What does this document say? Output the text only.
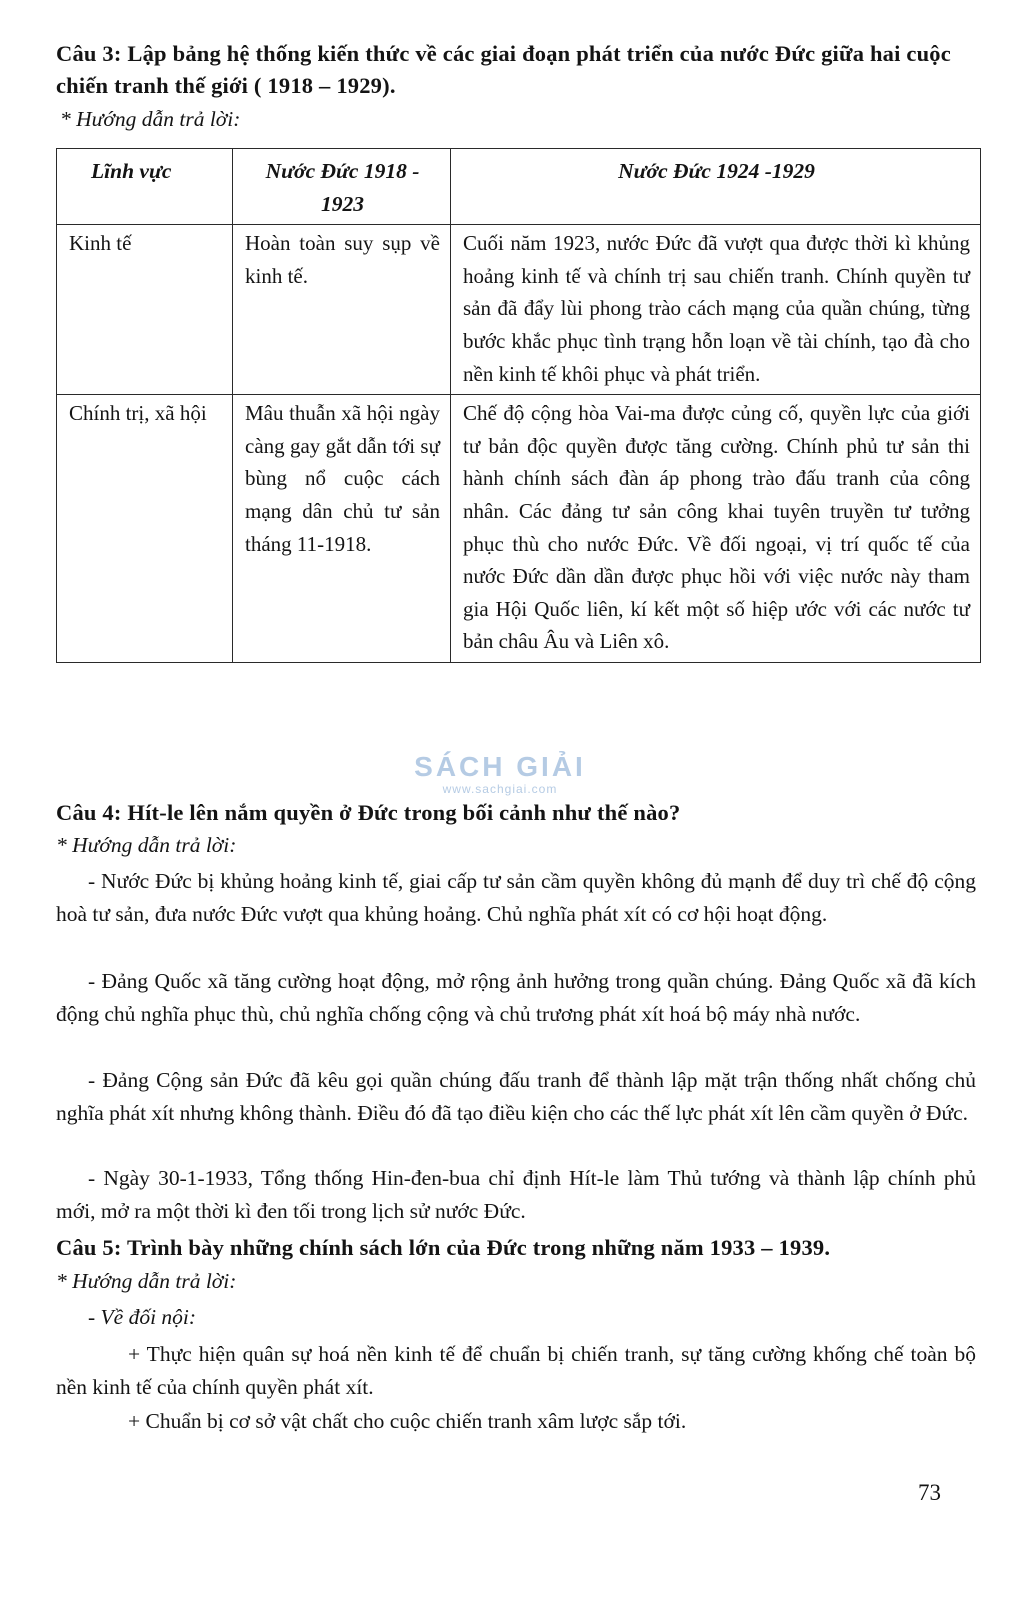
Câu 3: Lập bảng hệ thống kiến thức về các giai đoạn phát triển của nước Đức giữa hai cuộc chiến tranh thế giới ( 1918 – 1929).
* Hướng dẫn trả lời:
Lĩnh vực	Nước Đức 1918 - 1923	Nước Đức 1924 -1929
Kinh tế	Hoàn toàn suy sụp về kinh tế.	Cuối năm 1923, nước Đức đã vượt qua được thời kì khủng hoảng kinh tế và chính trị sau chiến tranh. Chính quyền tư sản đã đẩy lùi phong trào cách mạng của quần chúng, từng bước khắc phục tình trạng hỗn loạn về tài chính, tạo đà cho nền kinh tế khôi phục và phát triển.
Chính trị, xã hội	Mâu thuẫn xã hội ngày càng gay gắt dẫn tới sự bùng nổ cuộc cách mạng dân chủ tư sản tháng 11-1918.	Chế độ cộng hòa Vai-ma được củng cố, quyền lực của giới tư bản độc quyền được tăng cường. Chính phủ tư sản thi hành chính sách đàn áp phong trào đấu tranh của công nhân. Các đảng tư sản công khai tuyên truyền tư tưởng phục thù cho nước Đức. Về đối ngoại, vị trí quốc tế của nước Đức dần dần được phục hồi với việc nước này tham gia Hội Quốc liên, kí kết một số hiệp ước với các nước tư bản châu Âu và Liên xô.
SÁCH GIẢI
www.sachgiai.com
Câu 4: Hít-le lên nắm quyền ở Đức trong bối cảnh như thế nào?
* Hướng dẫn trả lời:
- Nước Đức bị khủng hoảng kinh tế, giai cấp tư sản cầm quyền không đủ mạnh để duy trì chế độ cộng hoà tư sản, đưa nước Đức vượt qua khủng hoảng. Chủ nghĩa phát xít có cơ hội hoạt động.
- Đảng Quốc xã tăng cường hoạt động, mở rộng ảnh hưởng trong quần chúng. Đảng Quốc xã đã kích động chủ nghĩa phục thù, chủ nghĩa chống cộng và chủ trương phát xít hoá bộ máy nhà nước.
- Đảng Cộng sản Đức đã kêu gọi quần chúng đấu tranh để thành lập mặt trận thống nhất chống chủ nghĩa phát xít nhưng không thành. Điều đó đã tạo điều kiện cho các thế lực phát xít lên cầm quyền ở Đức.
- Ngày 30-1-1933, Tổng thống Hin-đen-bua chỉ định Hít-le làm Thủ tướng và thành lập chính phủ mới, mở ra một thời kì đen tối trong lịch sử nước Đức.
Câu 5: Trình bày những chính sách lớn của Đức trong những năm 1933 – 1939.
* Hướng dẫn trả lời:
- Về đối nội:
+ Thực hiện quân sự hoá nền kinh tế để chuẩn bị chiến tranh, sự tăng cường khống chế toàn bộ nền kinh tế của chính quyền phát xít.
+ Chuẩn bị cơ sở vật chất cho cuộc chiến tranh xâm lược sắp tới.
73
